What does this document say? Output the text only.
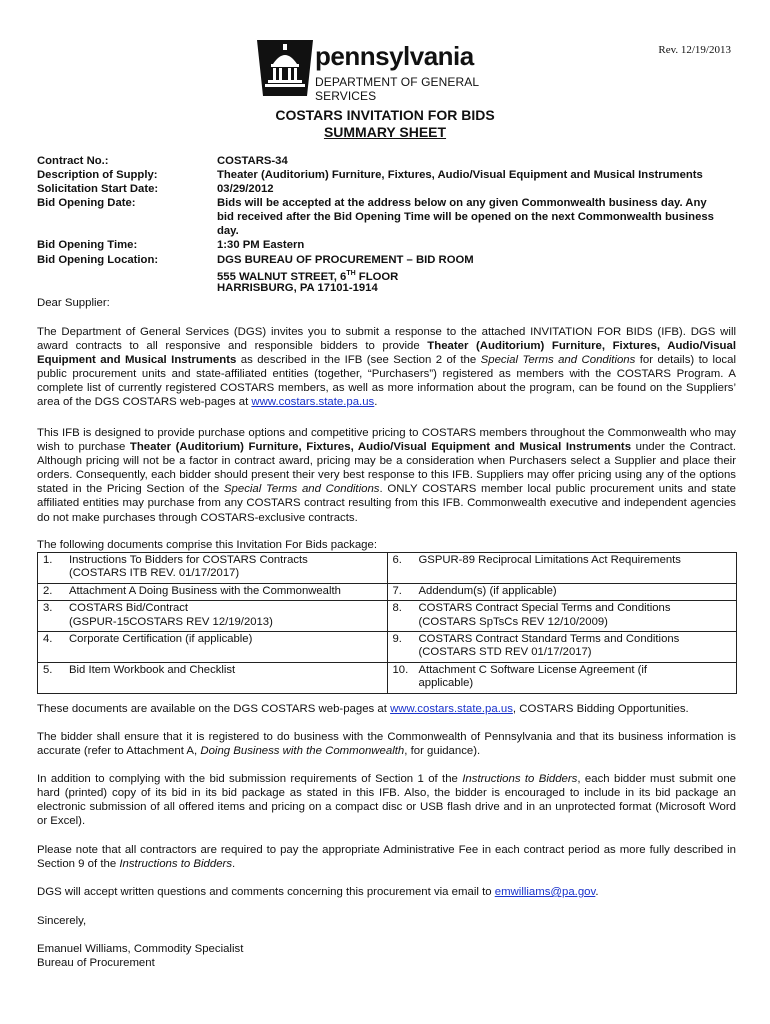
pennsylvania
DEPARTMENT OF GENERAL SERVICES
Rev. 12/19/2013
COSTARS INVITATION FOR BIDS
SUMMARY SHEET
Contract No.:	COSTARS-34
Description of Supply:	Theater (Auditorium) Furniture, Fixtures, Audio/Visual Equipment and Musical Instruments
Solicitation Start Date:	03/29/2012
Bid Opening Date:	Bids will be accepted at the address below on any given Commonwealth business day. Any bid received after the Bid Opening Time will be opened on the next Commonwealth business day.
Bid Opening Time:	1:30 PM Eastern
Bid Opening Location:	DGS BUREAU OF PROCUREMENT – BID ROOM
555 WALNUT STREET, 6TH FLOOR
HARRISBURG, PA 17101-1914
Dear Supplier:
The Department of General Services (DGS) invites you to submit a response to the attached INVITATION FOR BIDS (IFB). DGS will award contracts to all responsive and responsible bidders to provide Theater (Auditorium) Furniture, Fixtures, Audio/Visual Equipment and Musical Instruments as described in the IFB (see Section 2 of the Special Terms and Conditions for details) to local public procurement units and state-affiliated entities (together, “Purchasers”) registered as members with the COSTARS Program. A complete list of currently registered COSTARS members, as well as more information about the program, can be found on the Suppliers’ area of the DGS COSTARS web-pages at www.costars.state.pa.us.
This IFB is designed to provide purchase options and competitive pricing to COSTARS members throughout the Commonwealth who may wish to purchase Theater (Auditorium) Furniture, Fixtures, Audio/Visual Equipment and Musical Instruments under the Contract. Although pricing will not be a factor in contract award, pricing may be a consideration when Purchasers select a Supplier and place their orders. Consequently, each bidder should present their very best response to this IFB. Suppliers may offer pricing using any of the options stated in the Pricing Section of the Special Terms and Conditions. ONLY COSTARS member local public procurement units and state affiliated entities may purchase from any COSTARS contract resulting from this IFB. Commonwealth executive and independent agencies do not make purchases through COSTARS-exclusive contracts.
The following documents comprise this Invitation For Bids package:
1. Instructions To Bidders for COSTARS Contracts
(COSTARS ITB REV. 01/17/2017)	6. GSPUR-89 Reciprocal Limitations Act Requirements
2. Attachment A Doing Business with the Commonwealth	7. Addendum(s) (if applicable)
3. COSTARS Bid/Contract
(GSPUR-15COSTARS REV 12/19/2013)	8. COSTARS Contract Special Terms and Conditions
(COSTARS SpTsCs REV 12/10/2009)

4. Corporate Certification (if applicable)	9. COSTARS Contract Standard Terms and Conditions
(COSTARS STD REV 01/17/2017)

5. Bid Item Workbook and Checklist	10. Attachment C Software License Agreement (if
applicable)
These documents are available on the DGS COSTARS web-pages at www.costars.state.pa.us, COSTARS Bidding Opportunities.
The bidder shall ensure that it is registered to do business with the Commonwealth of Pennsylvania and that its business information is accurate (refer to Attachment A, Doing Business with the Commonwealth, for guidance).
In addition to complying with the bid submission requirements of Section 1 of the Instructions to Bidders, each bidder must submit one hard (printed) copy of its bid in its bid package as stated in this IFB. Also, the bidder is encouraged to include in its bid package an electronic submission of all offered items and pricing on a compact disc or USB flash drive and in an unprotected format (Microsoft Word or Excel).
Please note that all contractors are required to pay the appropriate Administrative Fee in each contract period as more fully described in Section 9 of the Instructions to Bidders.
DGS will accept written questions and comments concerning this procurement via email to emwilliams@pa.gov.
Sincerely,
Emanuel Williams, Commodity Specialist
Bureau of Procurement
